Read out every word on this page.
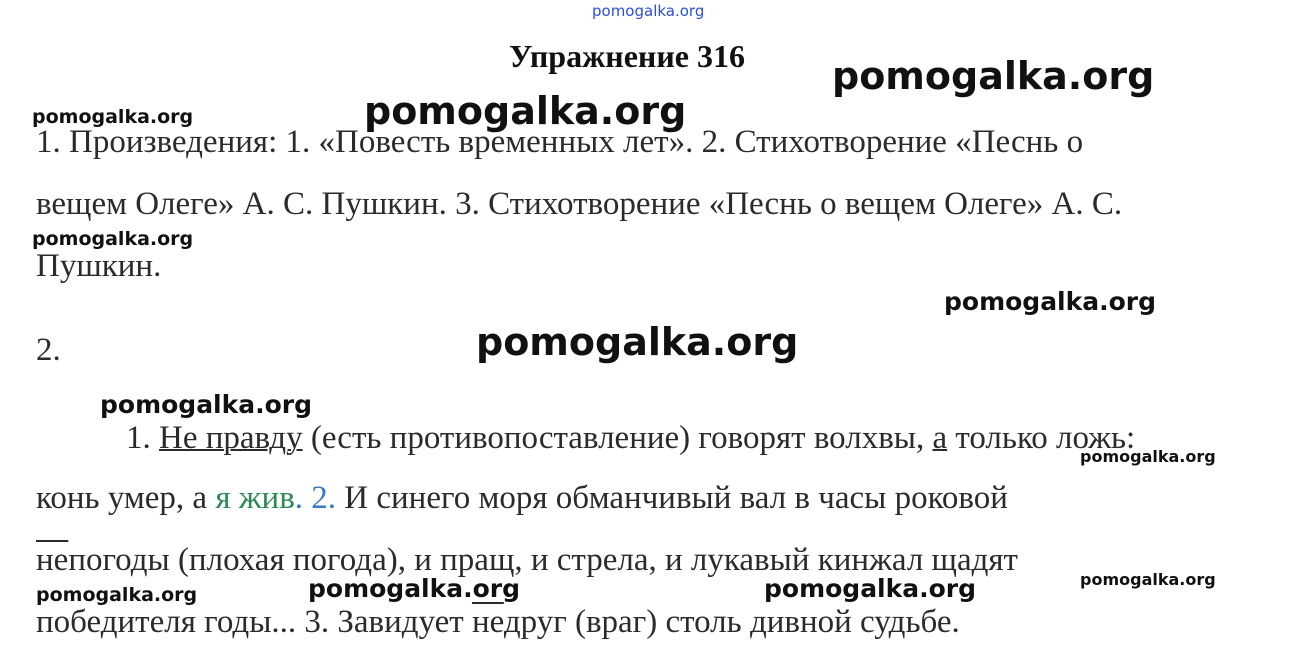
pomogalka.org
Упражнение 316	pomogalka.org
pomogalka.org	pomogalka.org
1. Произведения: 1. «Повесть временных лет». 2. Стихотворение «Песнь о
вещем Олеге» А. С. Пушкин. 3. Стихотворение «Песнь о вещем Олеге» А. С.
pomogalka.org
Пушкин.
pomogalka.org
pomogalka.org
2.
pomogalka.org
1. Не правду (есть противопоставление) говорят волхвы, а только ложь:
pomogalka.org
конь умер, а я жив. 2. И синего моря обманчивый вал в часы роковой
непогоды (плохая погода), и пращ, и стрела, и лукавый кинжал щадят
pomogalka.org	pomogalka.org	pomogalka.org
pomogalka.org
победителя годы... 3. Завидует недруг (враг) столь дивной судьбе.
